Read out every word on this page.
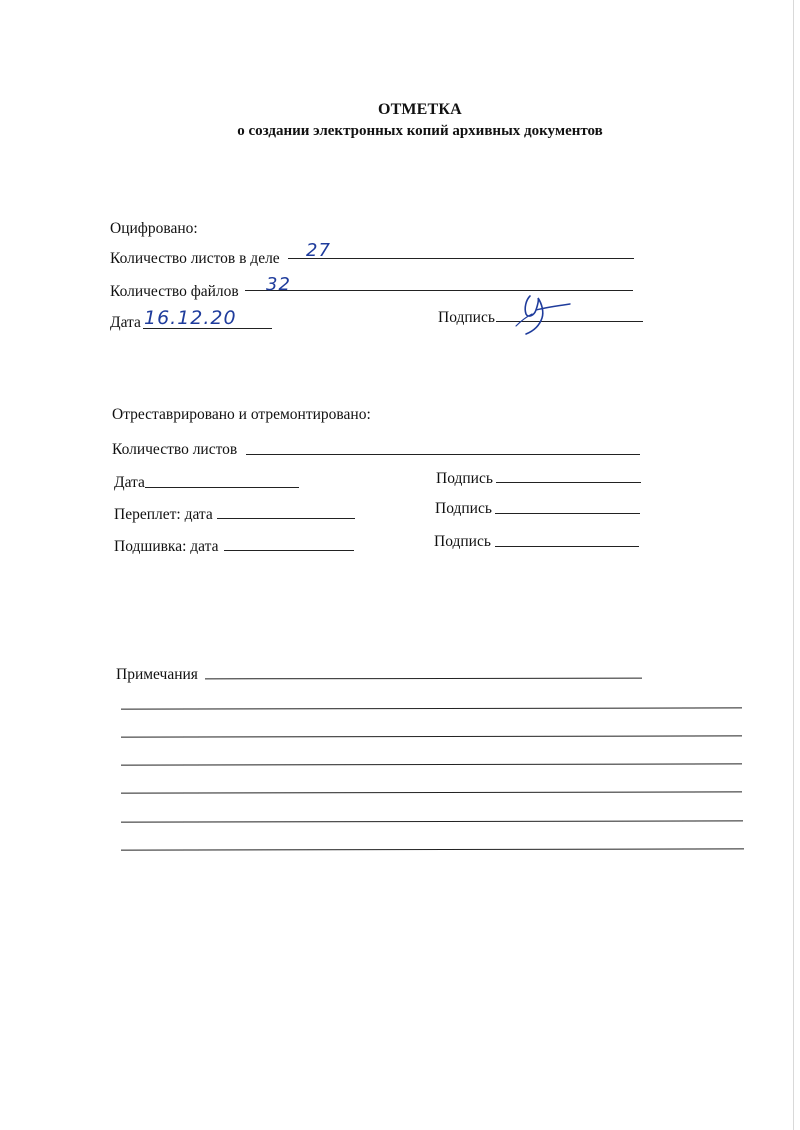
ОТМЕТКА
о создании электронных копий архивных документов
Оцифровано:
Количество листов в деле 27
Количество файлов 32
Дата 16.12.20	Подпись
Отреставрировано и отремонтировано:
Количество листов
Дата	Подпись
Переплет: дата	Подпись
Подшивка: дата	Подпись
Примечания
